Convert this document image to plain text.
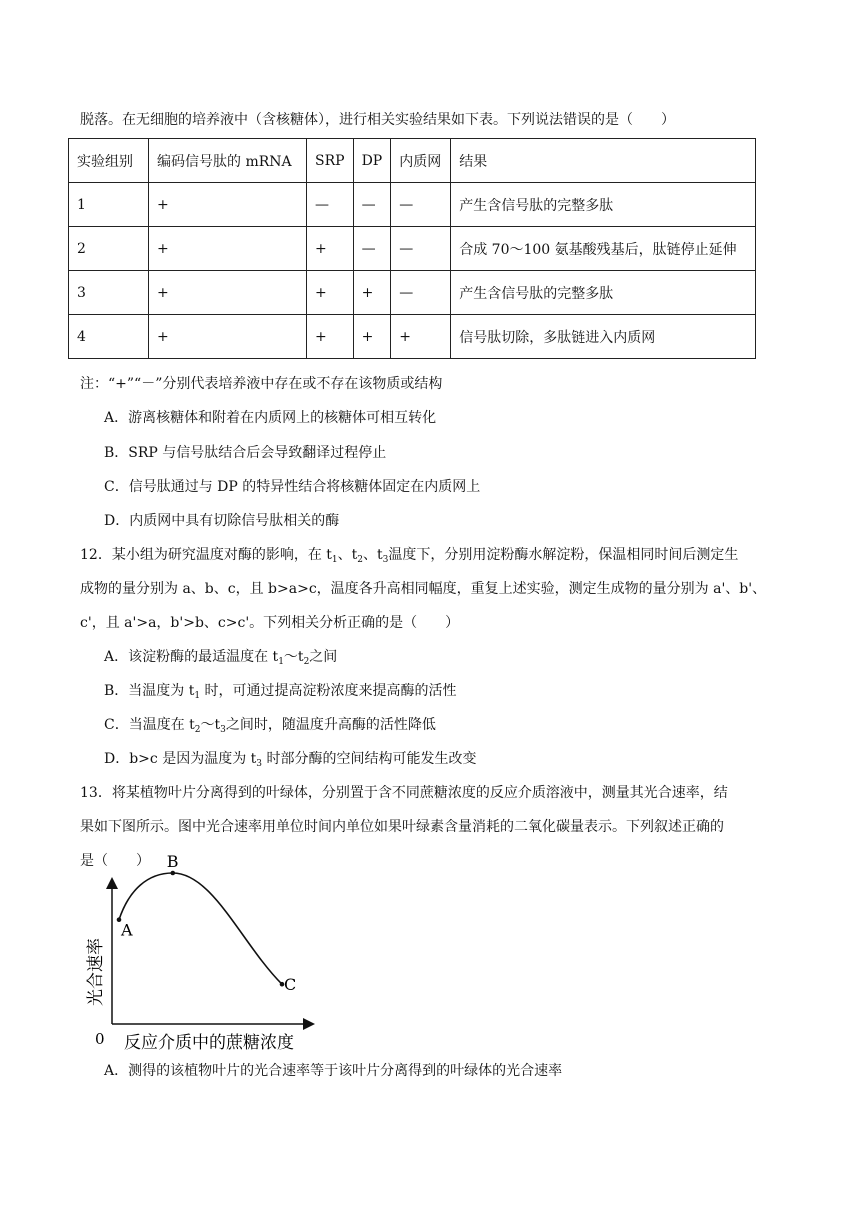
脱落。在无细胞的培养液中（含核糖体），进行相关实验结果如下表。下列说法错误的是（　　）
实验组别	编码信号肽的 mRNA	SRP	DP	内质网	结果
1	+	—	—	—	产生含信号肽的完整多肽
2	+	+	—	—	合成 70～100 氨基酸残基后，肽链停止延伸
3	+	+	+	—	产生含信号肽的完整多肽
4	+	+	+	+	信号肽切除，多肽链进入内质网
注：“+”“－”分别代表培养液中存在或不存在该物质或结构
A．游离核糖体和附着在内质网上的核糖体可相互转化
B．SRP 与信号肽结合后会导致翻译过程停止
C．信号肽通过与 DP 的特异性结合将核糖体固定在内质网上
D．内质网中具有切除信号肽相关的酶
12．某小组为研究温度对酶的影响，在 $t_1$、$t_2$、$t_3$温度下，分别用淀粉酶水解淀粉，保温相同时间后测定生
成物的量分别为 a、b、c，且 b>a>c，温度各升高相同幅度，重复上述实验，测定生成物的量分别为 a'、b'、
c'，且 a'>a，b'>b、c>c'。下列相关分析正确的是（　　）
A．该淀粉酶的最适温度在 $t_1\sim t_2$之间
B．当温度为 $t_1$ 时，可通过提高淀粉浓度来提高酶的活性
C．当温度在 $t_2\sim t_3$之间时，随温度升高酶的活性降低
D．b>c 是因为温度为 $t_3$ 时部分酶的空间结构可能发生改变
13．将某植物叶片分离得到的叶绿体，分别置于含不同蔗糖浓度的反应介质溶液中，测量其光合速率，结
果如下图所示。图中光合速率用单位时间内单位如果叶绿素含量消耗的二氧化碳量表示。下列叙述正确的
是（　　）
A
B
C
光合速率
反应介质中的蔗糖浓度
0
A．测得的该植物叶片的光合速率等于该叶片分离得到的叶绿体的光合速率
